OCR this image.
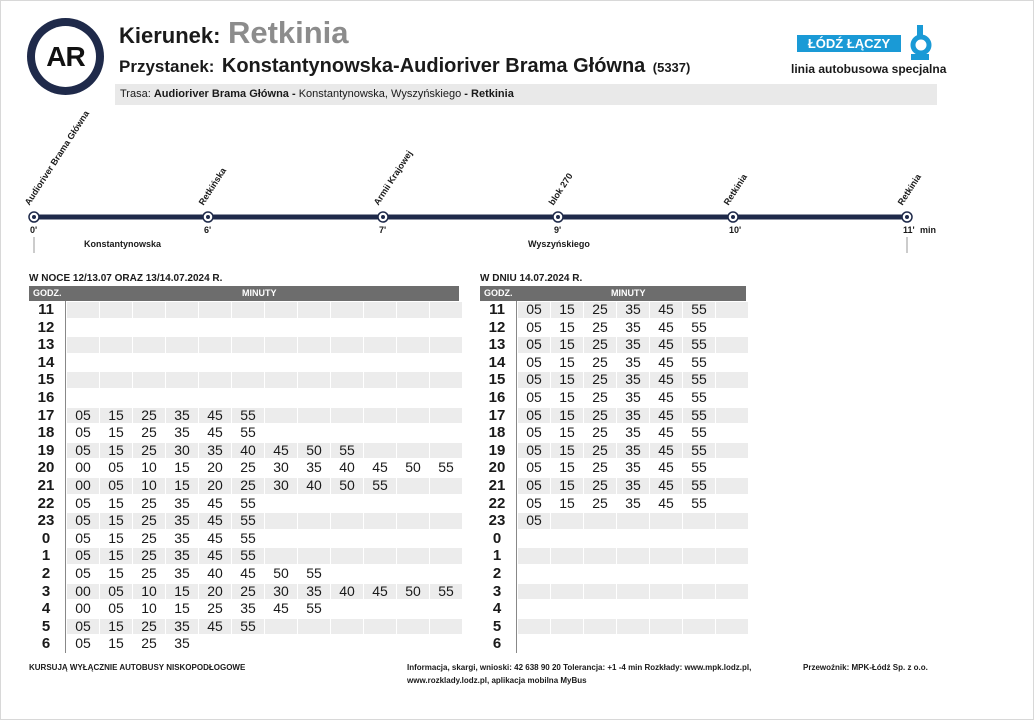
AR
Kierunek: Retkinia
Przystanek: Konstantynowska-Audioriver Brama Główna (5337)
Trasa: Audioriver Brama Główna - Konstantynowska, Wyszyńskiego - Retkinia
ŁÓDŹ ŁĄCZY
linia autobusowa specjalna
Audioriver Brama Główna
0'
Retkińska
6'
Armii Krajowej
7'
blok 270
9'
Retkinia
10'
Retkinia
11' min
Konstantynowska	Wyszyńskiego
W NOCE 12/13.07 ORAZ 13/14.07.2024 R.
GODZ.	MINUTY
11
12
13
14
15
16
17	05	15	25	35	45	55
18	05	15	25	35	45	55
19	05	15	25	30	35	40	45	50	55
20	00	05	10	15	20	25	30	35	40	45	50	55
21	00	05	10	15	20	25	30	40	50	55
22	05	15	25	35	45	55
23	05	15	25	35	45	55
0	05	15	25	35	45	55
1	05	15	25	35	45	55
2	05	15	25	35	40	45	50	55
3	00	05	10	15	20	25	30	35	40	45	50	55
4	00	05	10	15	25	35	45	55
5	05	15	25	35	45	55
6	05	15	25	35
W DNIU 14.07.2024 R.
GODZ.	MINUTY
11	05	15	25	35	45	55
12	05	15	25	35	45	55
13	05	15	25	35	45	55
14	05	15	25	35	45	55
15	05	15	25	35	45	55
16	05	15	25	35	45	55
17	05	15	25	35	45	55
18	05	15	25	35	45	55
19	05	15	25	35	45	55
20	05	15	25	35	45	55
21	05	15	25	35	45	55
22	05	15	25	35	45	55
23	05
0
1
2
3
4
5
6
KURSUJĄ WYŁĄCZNIE AUTOBUSY NISKOPODŁOGOWE	Informacja, skargi, wnioski: 42 638 90 20 Tolerancja: +1 -4 min Rozkłady: www.mpk.lodz.pl,
www.rozklady.lodz.pl, aplikacja mobilna MyBus
Przewoźnik: MPK-Łódź Sp. z o.o.
